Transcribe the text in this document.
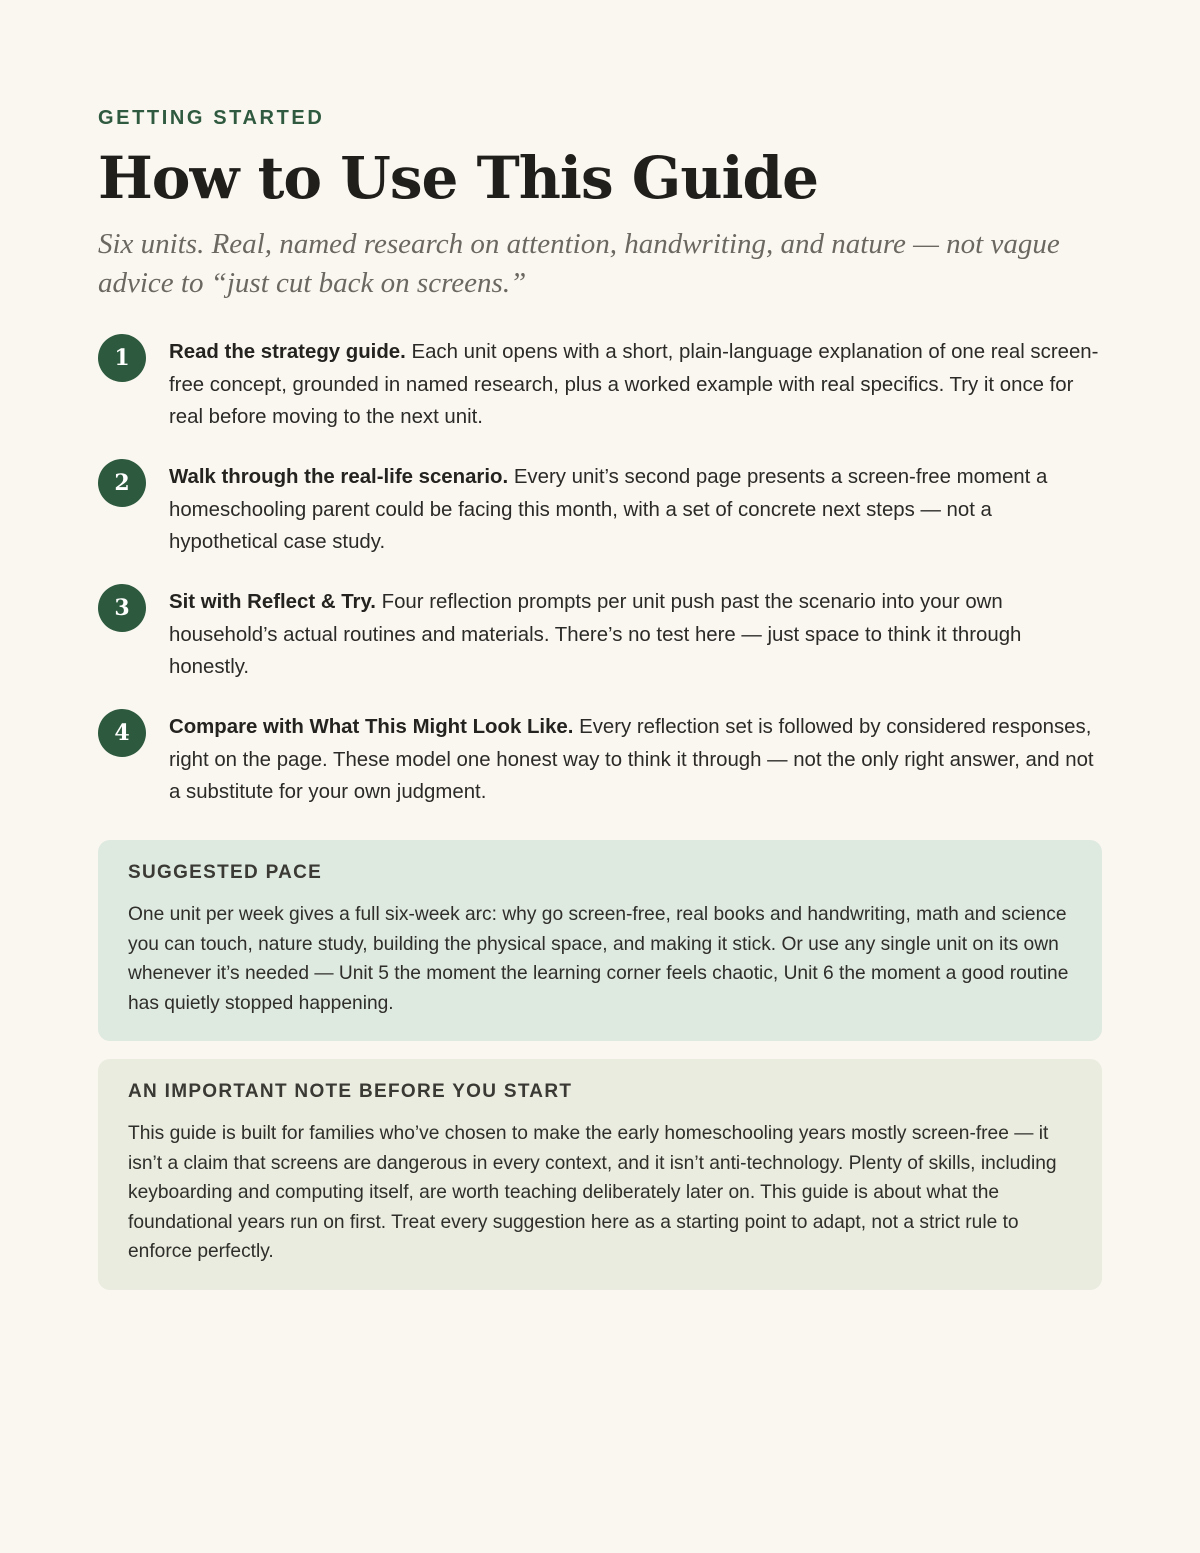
GETTING STARTED
How to Use This Guide

Six units. Real, named research on attention, handwriting, and nature — not vague advice to “just cut back on screens.”

1	Read the strategy guide. Each unit opens with a short, plain-language explanation of one real screen-free concept, grounded in named research, plus a worked example with real specifics. Try it once for real before moving to the next unit.

2	Walk through the real-life scenario. Every unit’s second page presents a screen-free moment a homeschooling parent could be facing this month, with a set of concrete next steps — not a hypothetical case study.

3	Sit with Reflect & Try. Four reflection prompts per unit push past the scenario into your own household’s actual routines and materials. There’s no test here — just space to think it through honestly.

4	Compare with What This Might Look Like. Every reflection set is followed by considered responses, right on the page. These model one honest way to think it through — not the only right answer, and not a substitute for your own judgment.

SUGGESTED PACE

One unit per week gives a full six-week arc: why go screen-free, real books and handwriting, math and science you can touch, nature study, building the physical space, and making it stick. Or use any single unit on its own whenever it’s needed — Unit 5 the moment the learning corner feels chaotic, Unit 6 the moment a good routine has quietly stopped happening.

AN IMPORTANT NOTE BEFORE YOU START

This guide is built for families who’ve chosen to make the early homeschooling years mostly screen-free — it isn’t a claim that screens are dangerous in every context, and it isn’t anti-technology. Plenty of skills, including keyboarding and computing itself, are worth teaching deliberately later on. This guide is about what the foundational years run on first. Treat every suggestion here as a starting point to adapt, not a strict rule to enforce perfectly.
